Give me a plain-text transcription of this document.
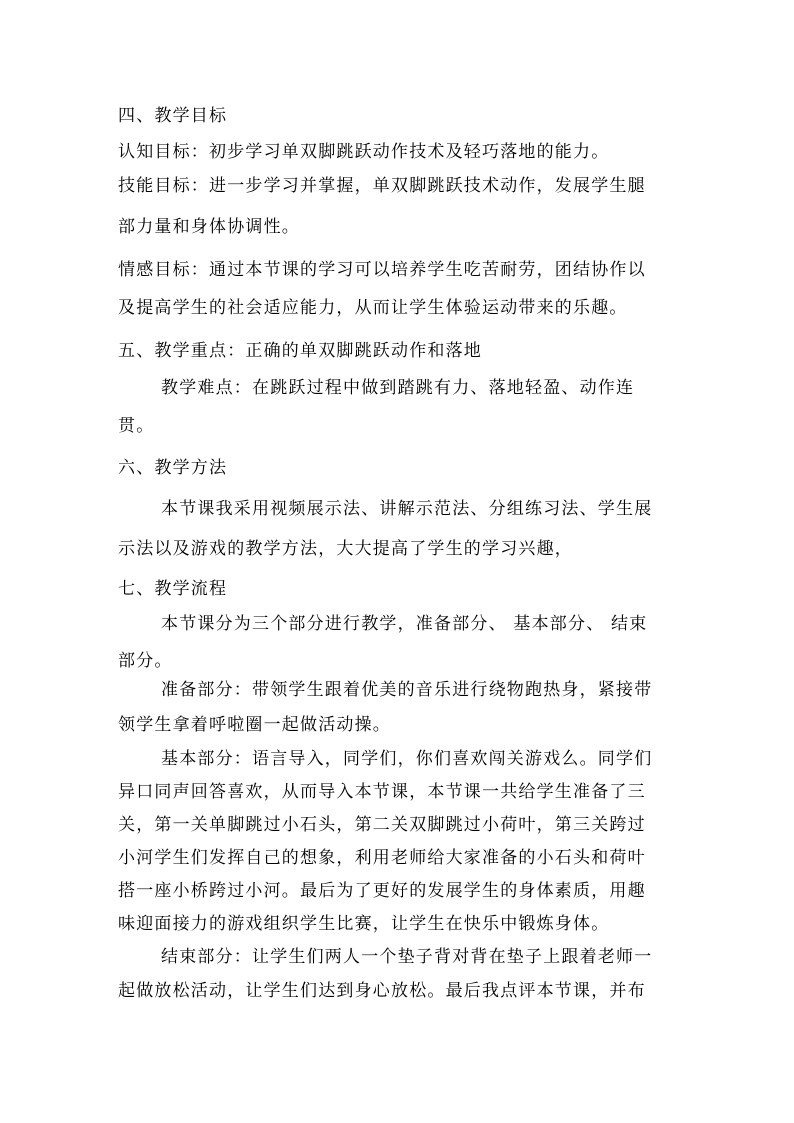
四、教学目标
认知目标：初步学习单双脚跳跃动作技术及轻巧落地的能力。
技能目标：进一步学习并掌握，单双脚跳跃技术动作，发展学生腿
部力量和身体协调性。
情感目标：通过本节课的学习可以培养学生吃苦耐劳，团结协作以
及提高学生的社会适应能力，从而让学生体验运动带来的乐趣。
五、教学重点：正确的单双脚跳跃动作和落地
教学难点：在跳跃过程中做到踏跳有力、落地轻盈、动作连
贯。
六、教学方法
本节课我采用视频展示法、讲解示范法、分组练习法、学生展
示法以及游戏的教学方法，大大提高了学生的学习兴趣，
七、教学流程
本节课分为三个部分进行教学，准备部分、 基本部分、 结束
部分。
准备部分：带领学生跟着优美的音乐进行绕物跑热身，紧接带
领学生拿着呼啦圈一起做活动操。
基本部分：语言导入，同学们，你们喜欢闯关游戏么。同学们
异口同声回答喜欢，从而导入本节课，本节课一共给学生准备了三
关，第一关单脚跳过小石头，第二关双脚跳过小荷叶，第三关跨过
小河学生们发挥自己的想象，利用老师给大家准备的小石头和荷叶
搭一座小桥跨过小河。最后为了更好的发展学生的身体素质，用趣
味迎面接力的游戏组织学生比赛，让学生在快乐中锻炼身体。
结束部分：让学生们两人一个垫子背对背在垫子上跟着老师一
起做放松活动，让学生们达到身心放松。最后我点评本节课，并布
